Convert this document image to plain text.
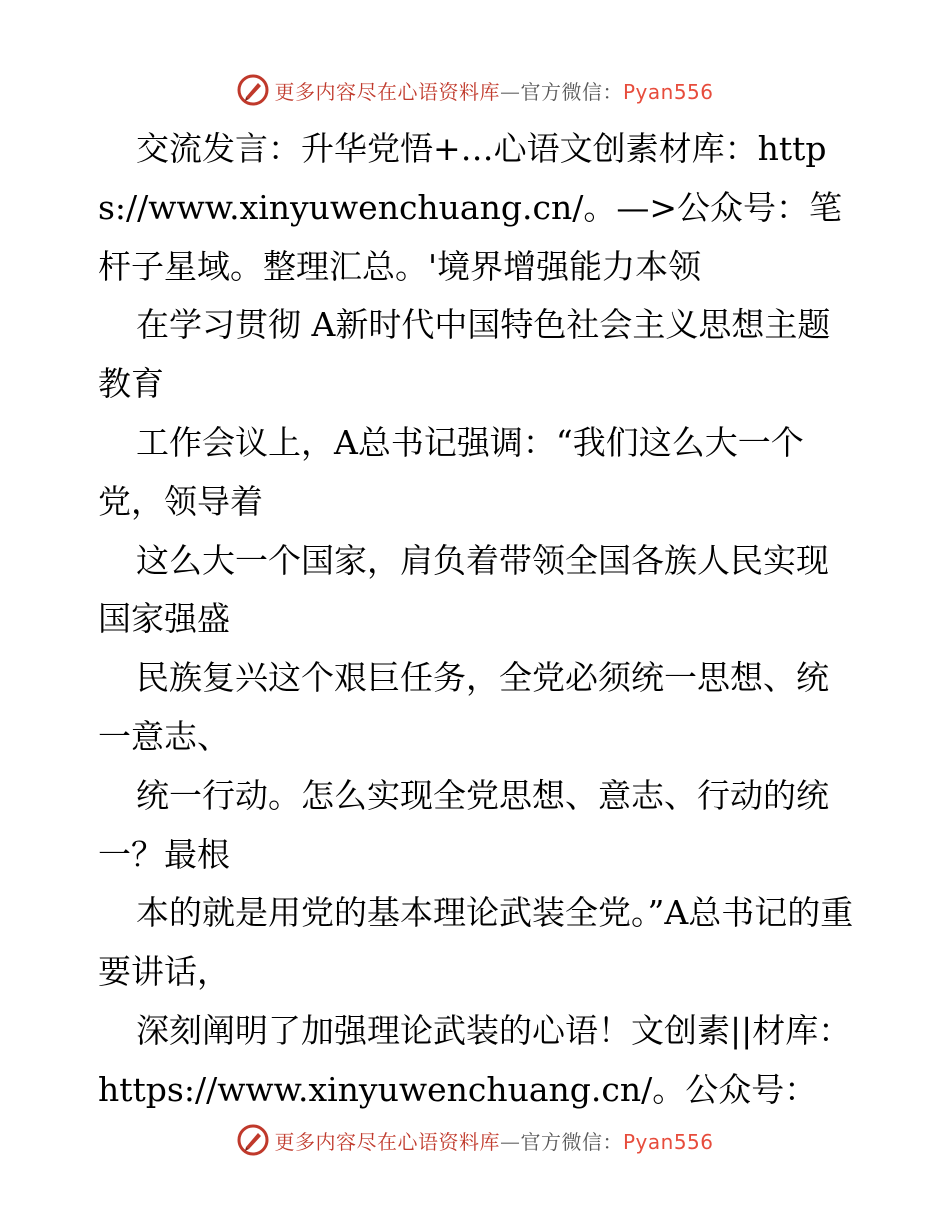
更多内容尽在心语资料库—官方微信：Pyan556

交流发言：升华党悟+…心语文创素材库：https://www.xinyuwenchuang.cn/。—>公众号：笔杆子星域。整理汇总。'境界增强能力本领

在学习贯彻 A新时代中国特色社会主义思想主题教育

工作会议上，A总书记强调：“我们这么大一个党，领导着

这么大一个国家，肩负着带领全国各族人民实现国家强盛

民族复兴这个艰巨任务，全党必须统一思想、统一意志、

统一行动。怎么实现全党思想、意志、行动的统一？最根

本的就是用党的基本理论武装全党。”A总书记的重要讲话，

深刻阐明了加强理论武装的心语！文创素||材库：https://www.xinyuwenchuang.cn/。公众号：

更多内容尽在心语资料库—官方微信：Pyan556
